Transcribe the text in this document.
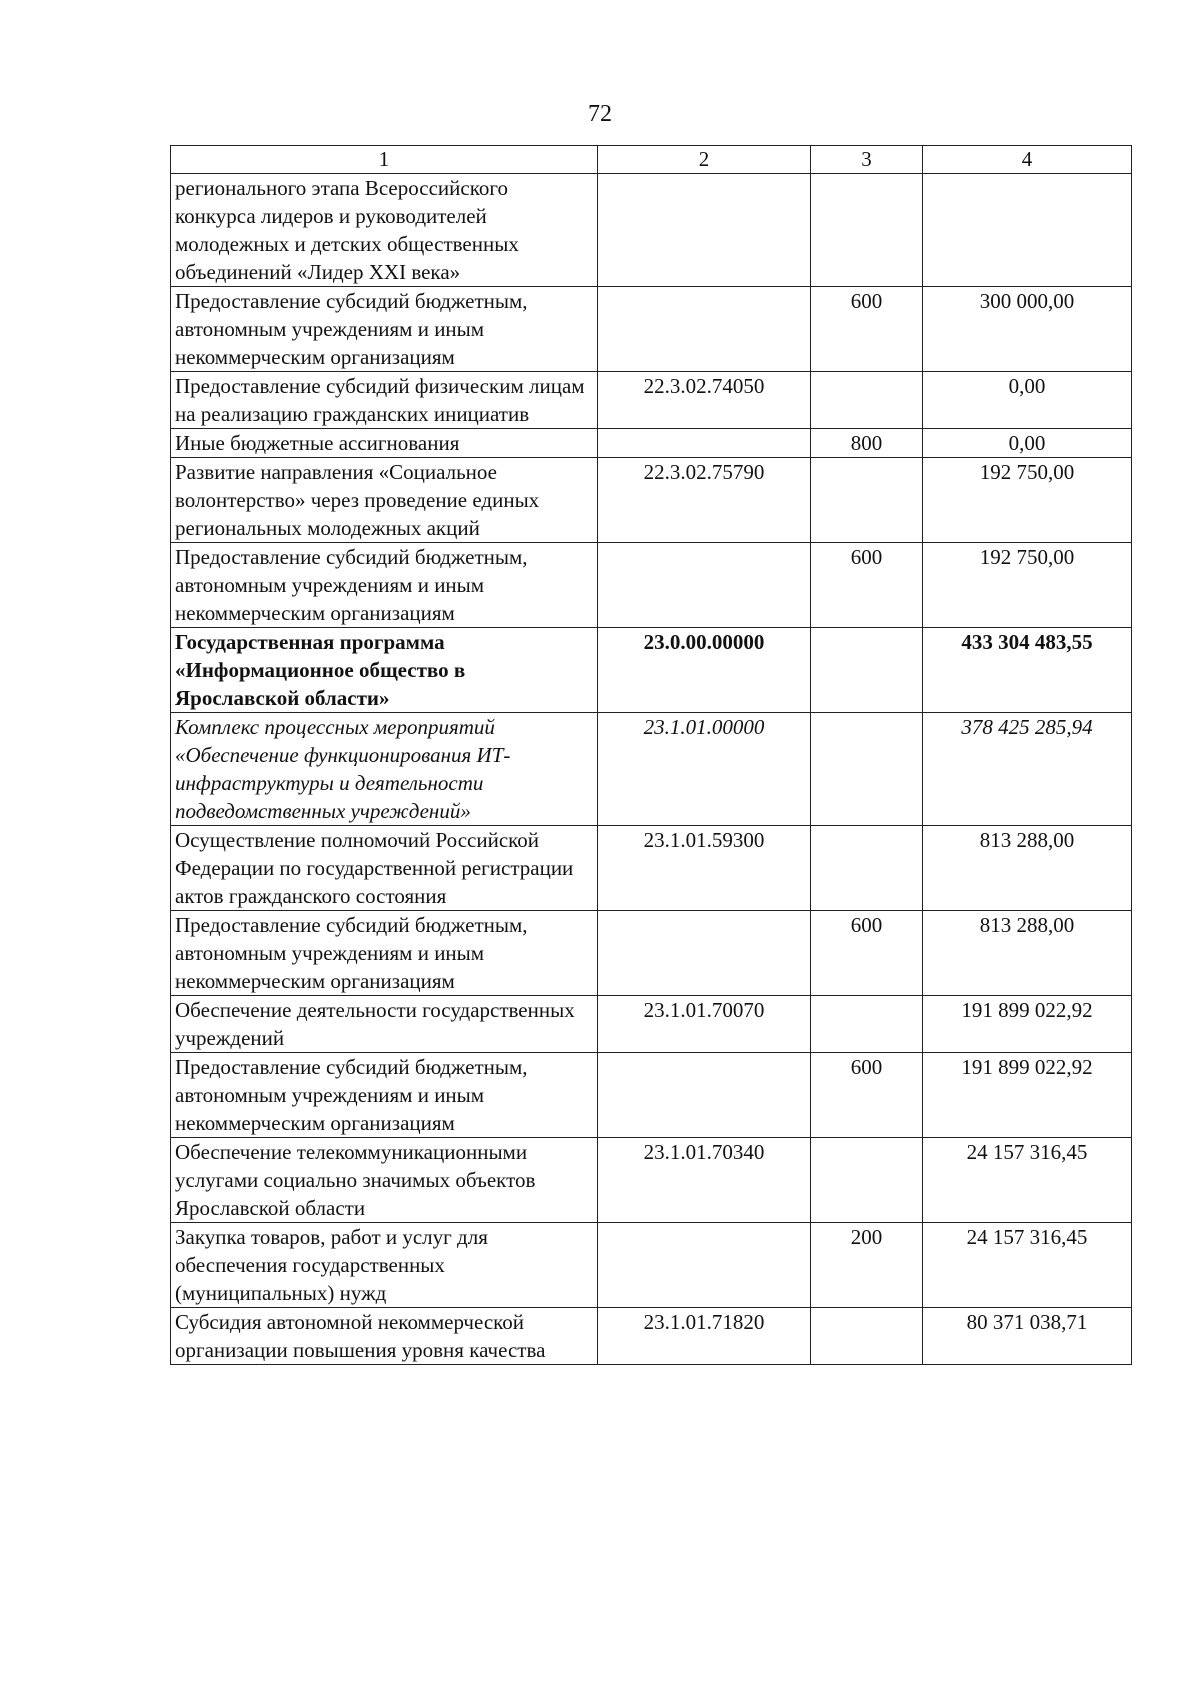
72
1	2	3	4
регионального этапа Всероссийского конкурса лидеров и руководителей молодежных и детских общественных объединений «Лидер XXI века»			
Предоставление субсидий бюджетным, автономным учреждениям и иным некоммерческим организациям		600	300 000,00
Предоставление субсидий физическим лицам на реализацию гражданских инициатив	22.3.02.74050		0,00
Иные бюджетные ассигнования		800	0,00
Развитие направления «Социальное волонтерство» через проведение единых региональных молодежных акций	22.3.02.75790		192 750,00
Предоставление субсидий бюджетным, автономным учреждениям и иным некоммерческим организациям		600	192 750,00
Государственная программа «Информационное общество в Ярославской области»	23.0.00.00000		433 304 483,55
Комплекс процессных мероприятий «Обеспечение функционирования ИТ-инфраструктуры и деятельности подведомственных учреждений»	23.1.01.00000		378 425 285,94
Осуществление полномочий Российской Федерации по государственной регистрации актов гражданского состояния	23.1.01.59300		813 288,00
Предоставление субсидий бюджетным, автономным учреждениям и иным некоммерческим организациям		600	813 288,00
Обеспечение деятельности государственных учреждений	23.1.01.70070		191 899 022,92
Предоставление субсидий бюджетным, автономным учреждениям и иным некоммерческим организациям		600	191 899 022,92
Обеспечение телекоммуникационными услугами социально значимых объектов Ярославской области	23.1.01.70340		24 157 316,45
Закупка товаров, работ и услуг для обеспечения государственных (муниципальных) нужд		200	24 157 316,45
Субсидия автономной некоммерческой организации повышения уровня качества	23.1.01.71820		80 371 038,71
